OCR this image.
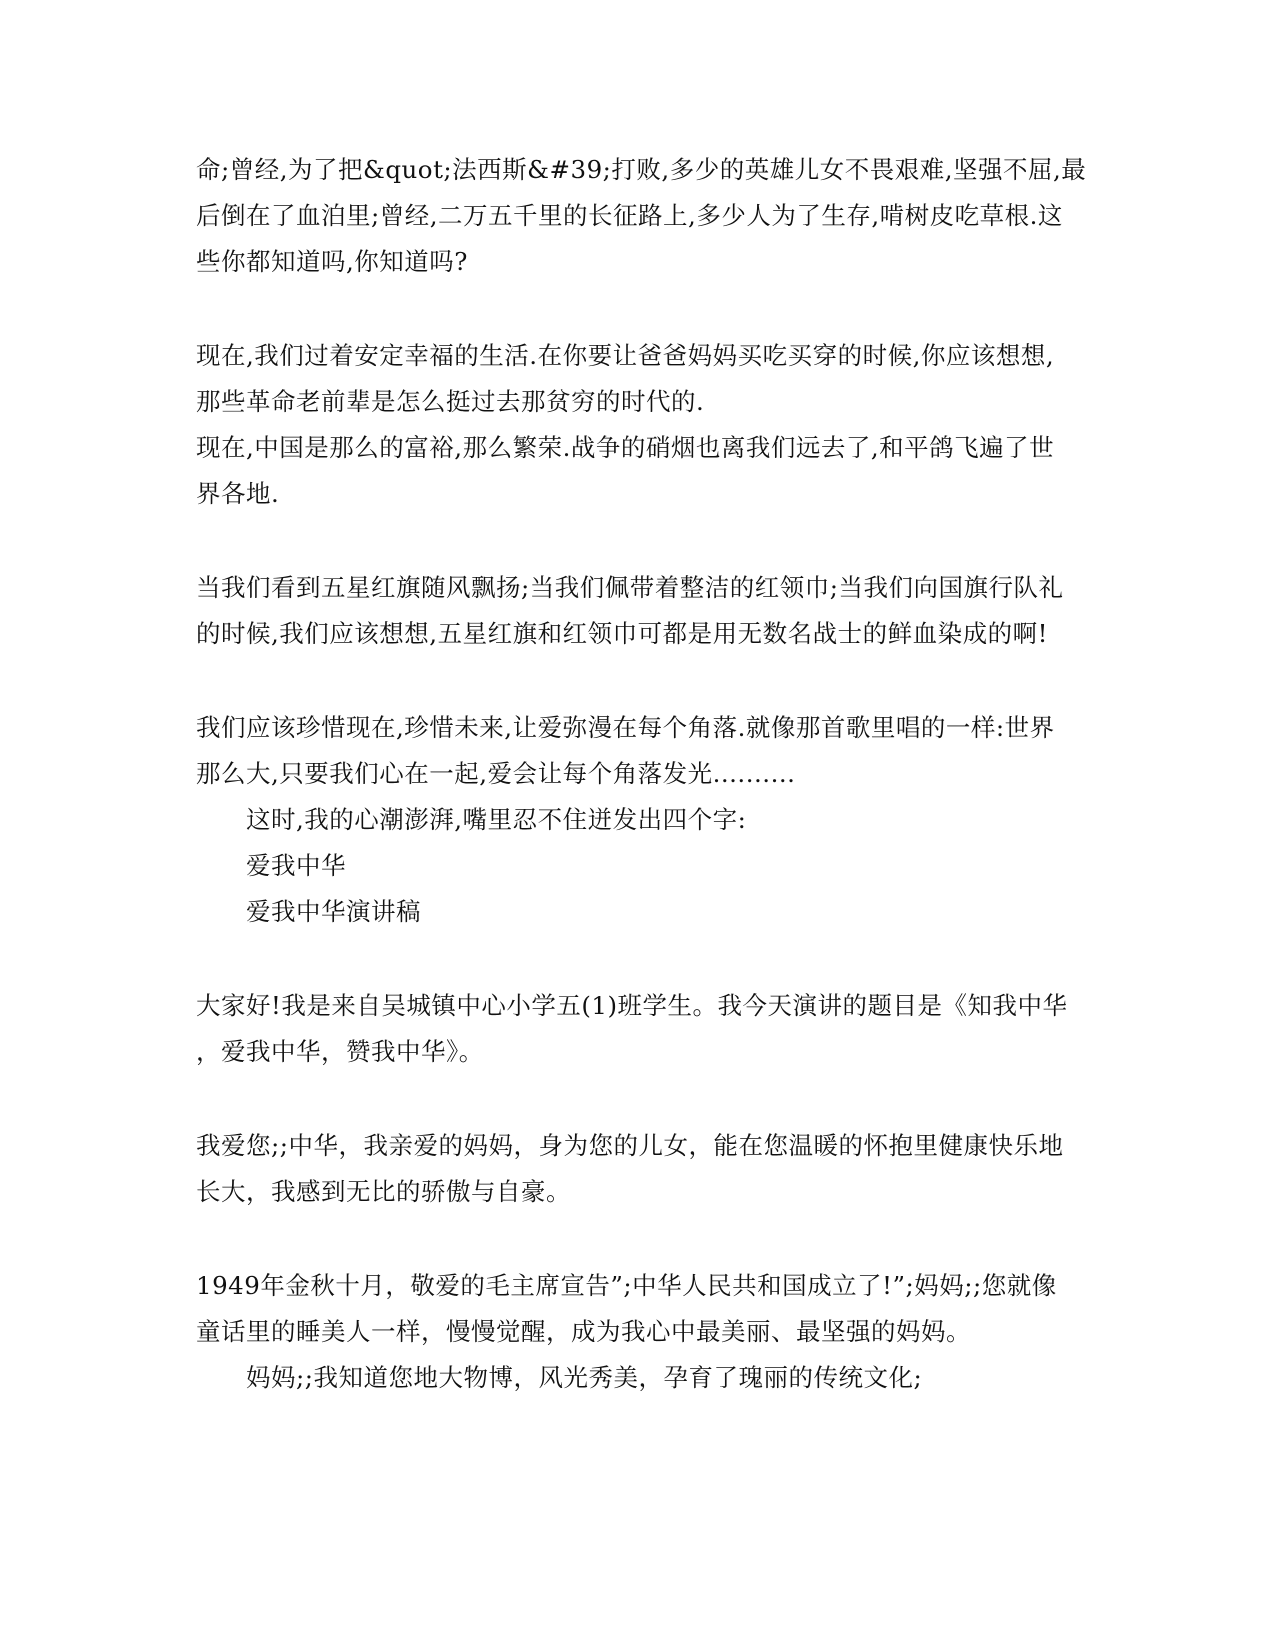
命;曾经,为了把&quot;法西斯&#39;打败,多少的英雄儿女不畏艰难,坚强不屈,最
后倒在了血泊里;曾经,二万五千里的长征路上,多少人为了生存,啃树皮吃草根.这
些你都知道吗,你知道吗?
现在,我们过着安定幸福的生活.在你要让爸爸妈妈买吃买穿的时候,你应该想想,
那些革命老前辈是怎么挺过去那贫穷的时代的.
现在,中国是那么的富裕,那么繁荣.战争的硝烟也离我们远去了,和平鸽飞遍了世
界各地.
当我们看到五星红旗随风飘扬;当我们佩带着整洁的红领巾;当我们向国旗行队礼
的时候,我们应该想想,五星红旗和红领巾可都是用无数名战士的鲜血染成的啊!
我们应该珍惜现在,珍惜未来,让爱弥漫在每个角落.就像那首歌里唱的一样:世界
那么大,只要我们心在一起,爱会让每个角落发光..........
这时,我的心潮澎湃,嘴里忍不住迸发出四个字:
爱我中华
爱我中华演讲稿
大家好!我是来自吴城镇中心小学五(1)班学生。我今天演讲的题目是《知我中华
，爱我中华，赞我中华》。
我爱您;;中华，我亲爱的妈妈，身为您的儿女，能在您温暖的怀抱里健康快乐地
长大，我感到无比的骄傲与自豪。
1949年金秋十月，敬爱的毛主席宣告”;中华人民共和国成立了!”;妈妈;;您就像
童话里的睡美人一样，慢慢觉醒，成为我心中最美丽、最坚强的妈妈。
妈妈;;我知道您地大物博，风光秀美，孕育了瑰丽的传统文化;
